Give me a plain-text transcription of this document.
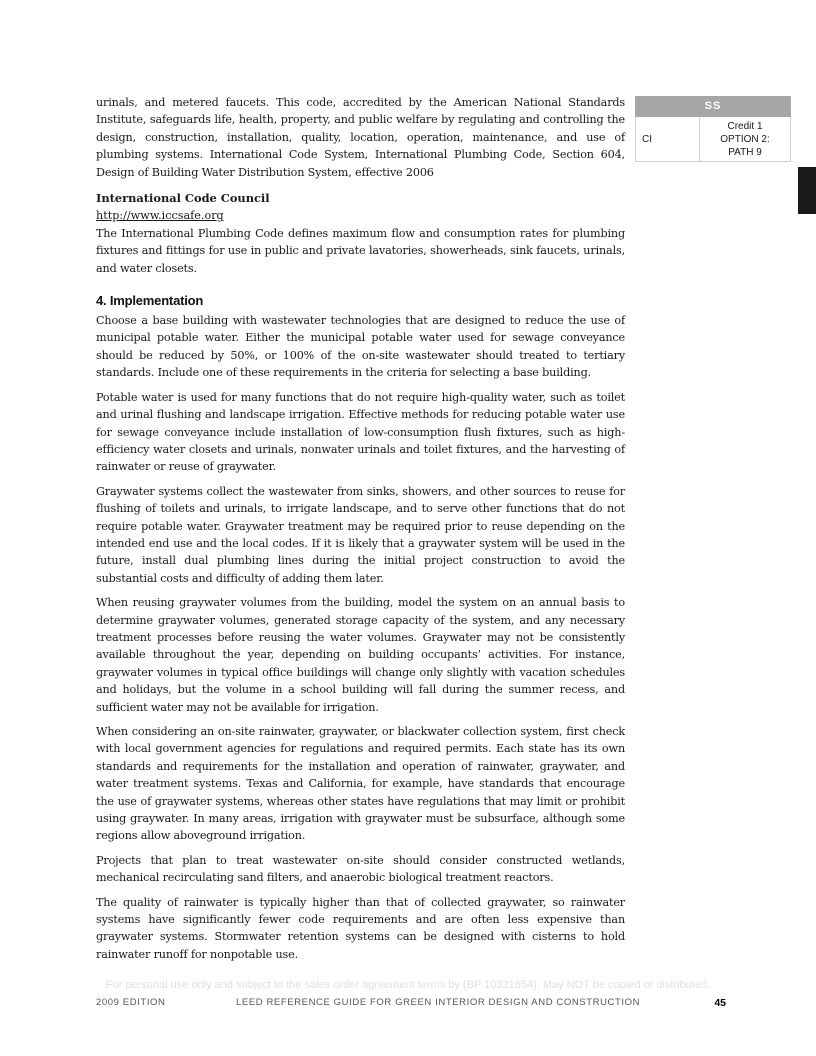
urinals, and metered faucets. This code, accredited by the American National Standards Institute, safeguards life, health, property, and public welfare by regulating and controlling the design, construction, installation, quality, location, operation, maintenance, and use of plumbing systems. International Code System, International Plumbing Code, Section 604, Design of Building Water Distribution System, effective 2006

International Code Council

http://www.iccsafe.org

The International Plumbing Code defines maximum flow and consumption rates for plumbing fixtures and fittings for use in public and private lavatories, showerheads, sink faucets, urinals, and water closets.

4. Implementation

Choose a base building with wastewater technologies that are designed to reduce the use of municipal potable water. Either the municipal potable water used for sewage conveyance should be reduced by 50%, or 100% of the on-site wastewater should treated to tertiary standards. Include one of these requirements in the criteria for selecting a base building.

Potable water is used for many functions that do not require high-quality water, such as toilet and urinal flushing and landscape irrigation. Effective methods for reducing potable water use for sewage conveyance include installation of low-consumption flush fixtures, such as high-efficiency water closets and urinals, nonwater urinals and toilet fixtures, and the harvesting of rainwater or reuse of graywater.

Graywater systems collect the wastewater from sinks, showers, and other sources to reuse for flushing of toilets and urinals, to irrigate landscape, and to serve other functions that do not require potable water. Graywater treatment may be required prior to reuse depending on the intended end use and the local codes. If it is likely that a graywater system will be used in the future, install dual plumbing lines during the initial project construction to avoid the substantial costs and difficulty of adding them later.

When reusing graywater volumes from the building, model the system on an annual basis to determine graywater volumes, generated storage capacity of the system, and any necessary treatment processes before reusing the water volumes. Graywater may not be consistently available throughout the year, depending on building occupants’ activities. For instance, graywater volumes in typical office buildings will change only slightly with vacation schedules and holidays, but the volume in a school building will fall during the summer recess, and sufficient water may not be available for irrigation.

When considering an on-site rainwater, graywater, or blackwater collection system, first check with local government agencies for regulations and required permits. Each state has its own standards and requirements for the installation and operation of rainwater, graywater, and water treatment systems. Texas and California, for example, have standards that encourage the use of graywater systems, whereas other states have regulations that may limit or prohibit using graywater. In many areas, irrigation with graywater must be subsurface, although some regions allow aboveground irrigation.

Projects that plan to treat wastewater on-site should consider constructed wetlands, mechanical recirculating sand filters, and anaerobic biological treatment reactors.

The quality of rainwater is typically higher than that of collected graywater, so rainwater systems have significantly fewer code requirements and are often less expensive than graywater systems. Stormwater retention systems can be designed with cisterns to hold rainwater runoff for nonpotable use.

SS
CI
Credit 1
OPTION 2:
PATH 9
For personal use only and subject to the sales order agreement terms by (BP 10321654). May NOT be copied or distributed.
2009 EDITION	LEED REFERENCE GUIDE FOR GREEN INTERIOR DESIGN AND CONSTRUCTION	45
